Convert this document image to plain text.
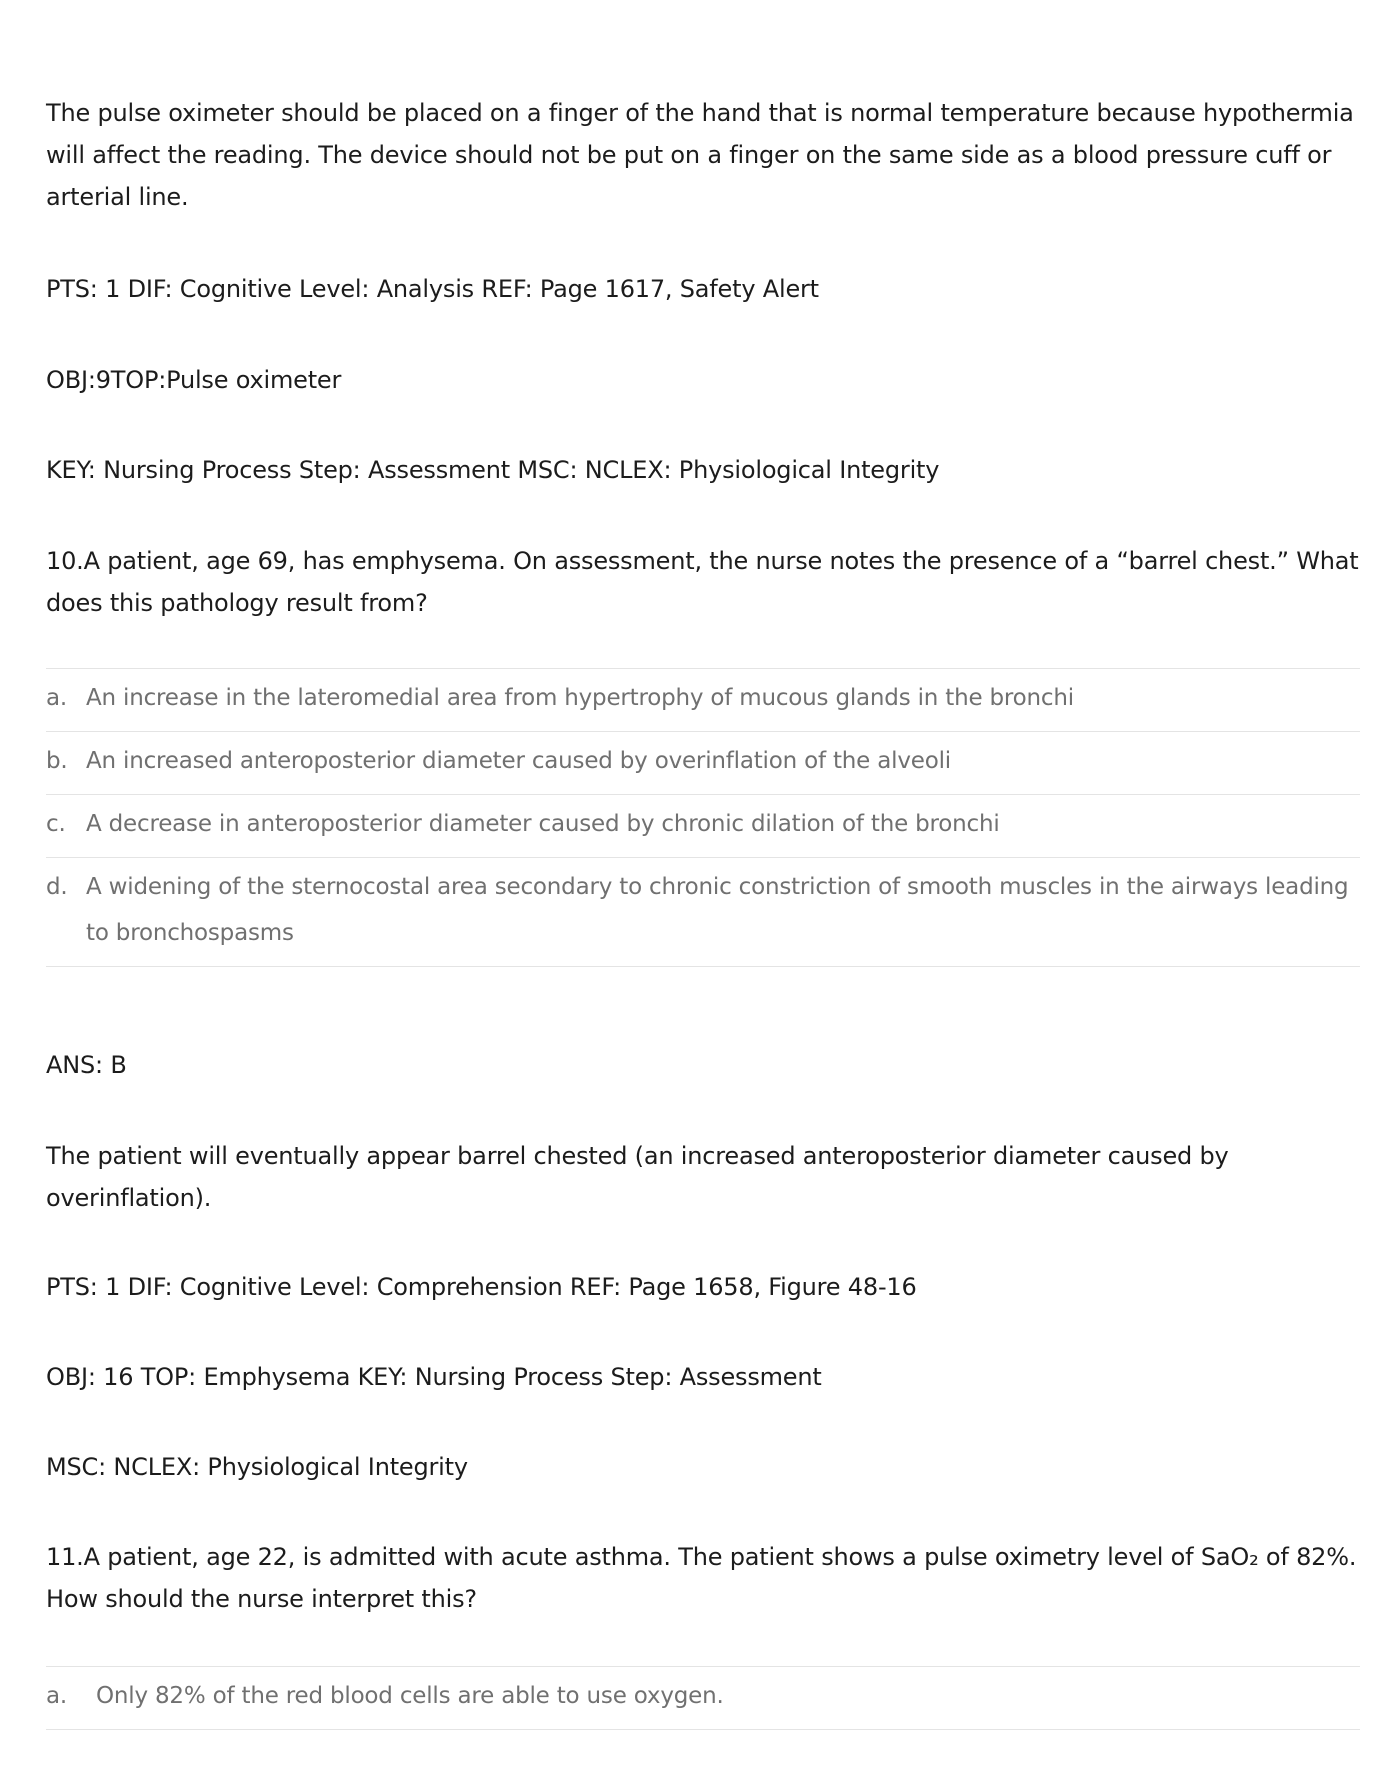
The pulse oximeter should be placed on a finger of the hand that is normal temperature because hypothermia will affect the reading. The device should not be put on a finger on the same side as a blood pressure cuff or arterial line.

PTS: 1 DIF: Cognitive Level: Analysis REF: Page 1617, Safety Alert

OBJ:9TOP:Pulse oximeter

KEY: Nursing Process Step: Assessment MSC: NCLEX: Physiological Integrity

10.A patient, age 69, has emphysema. On assessment, the nurse notes the presence of a “barrel chest.” What does this pathology result from?

a. An increase in the lateromedial area from hypertrophy of mucous glands in the bronchi
b. An increased anteroposterior diameter caused by overinflation of the alveoli
c. A decrease in anteroposterior diameter caused by chronic dilation of the bronchi
d. A widening of the sternocostal area secondary to chronic constriction of smooth muscles in the airways leading to bronchospasms

ANS: B

The patient will eventually appear barrel chested (an increased anteroposterior diameter caused by overinflation).

PTS: 1 DIF: Cognitive Level: Comprehension REF: Page 1658, Figure 48-16

OBJ: 16 TOP: Emphysema KEY: Nursing Process Step: Assessment

MSC: NCLEX: Physiological Integrity

11.A patient, age 22, is admitted with acute asthma. The patient shows a pulse oximetry level of SaO₂ of 82%. How should the nurse interpret this?

a.	Only 82% of the red blood cells are able to use oxygen.
